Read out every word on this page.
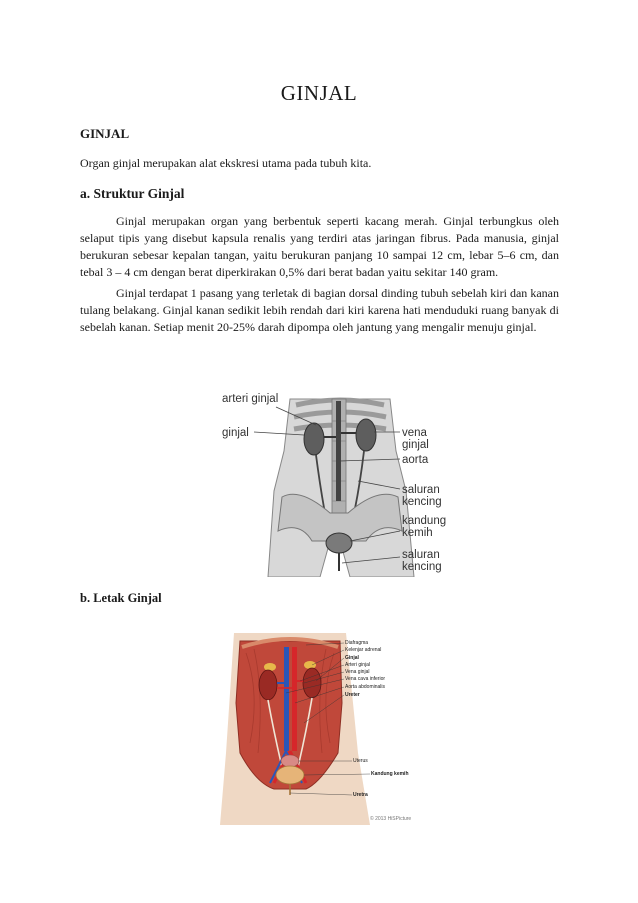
GINJAL
GINJAL
Organ ginjal merupakan alat ekskresi utama pada tubuh kita.
a. Struktur Ginjal

Ginjal merupakan organ yang berbentuk seperti kacang merah. Ginjal terbungkus oleh selaput tipis yang disebut kapsula renalis yang terdiri atas jaringan fibrus. Pada manusia, ginjal berukuran sebesar kepalan tangan, yaitu berukuran panjang 10 sampai 12 cm, lebar 5–6 cm, dan tebal 3 – 4 cm dengan berat diperkirakan 0,5% dari berat badan yaitu sekitar 140 gram.

Ginjal terdapat 1 pasang yang terletak di bagian dorsal dinding tubuh sebelah kiri dan kanan tulang belakang. Ginjal kanan sedikit lebih rendah dari kiri karena hati menduduki ruang banyak di sebelah kanan. Setiap menit 20-25% darah dipompa oleh jantung yang mengalir menuju ginjal.

arteri ginjal
ginjal	vena ginjal
aorta
saluran
kencing
kandung
kemih
saluran
kencing
b. Letak Ginjal
Diafragma
Kelenjar adrenal
Ginjal
Arteri ginjal
Vena ginjal
Vena cava inferior
Aorta abdominalis
Ureter
Uterus
Kandung kemih
Uretra
© 2013 HiSPicture
